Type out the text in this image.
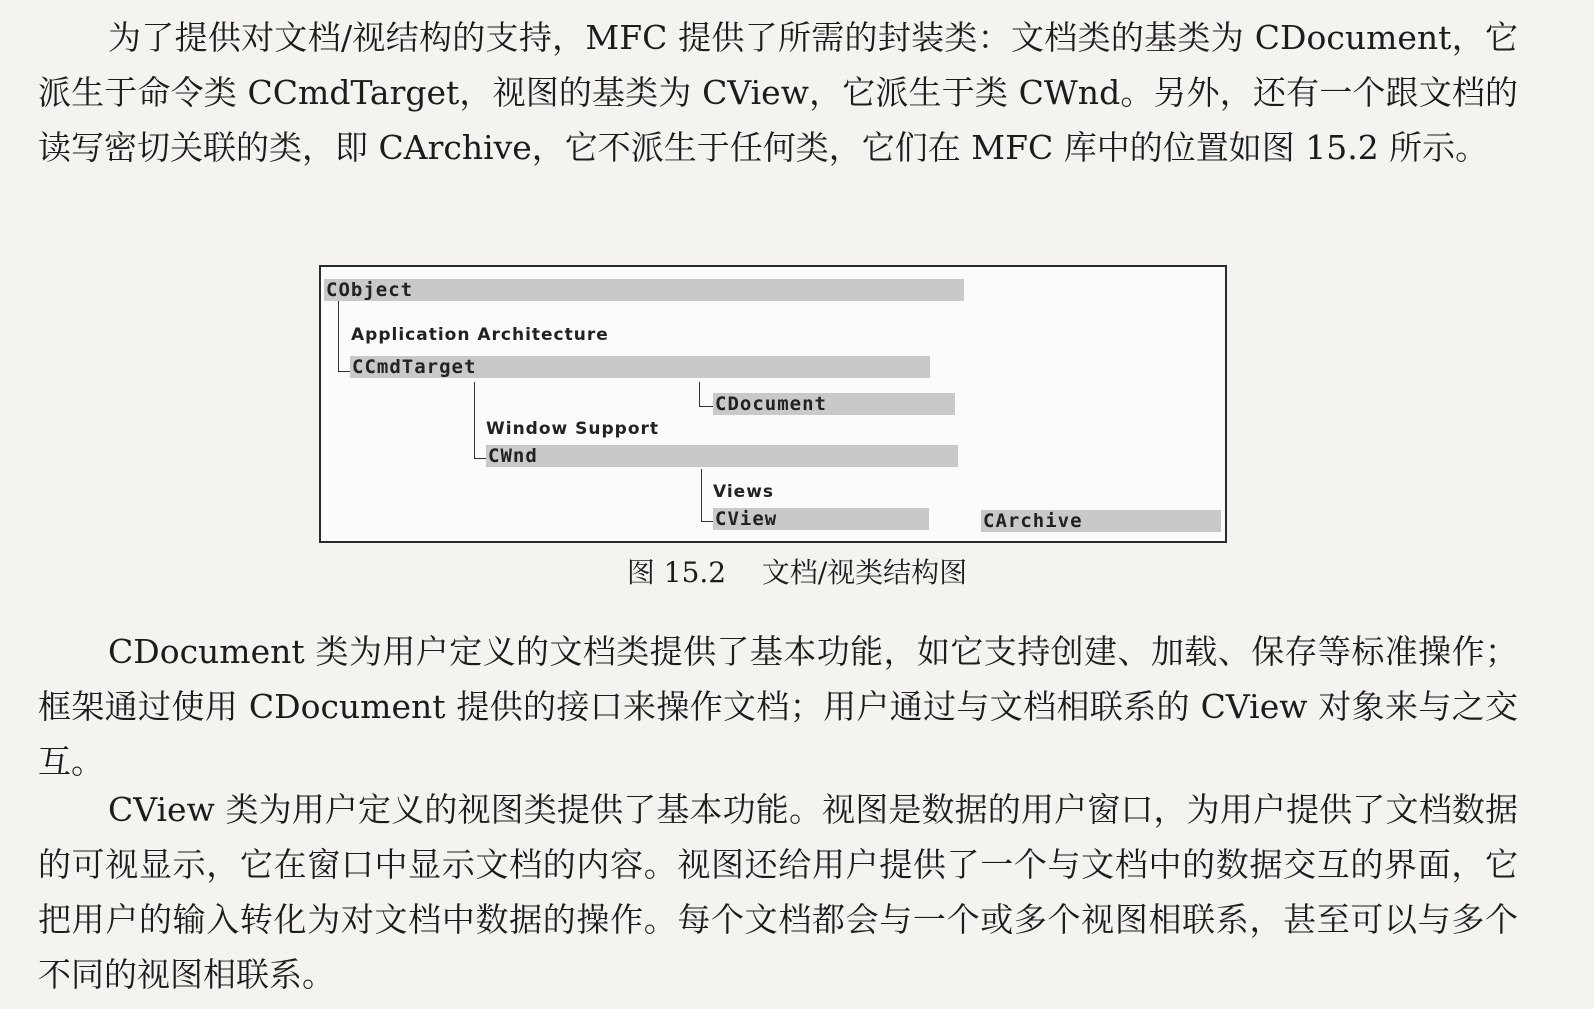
为了提供对文档/视结构的支持，MFC 提供了所需的封装类：文档类的基类为 CDocument，它派生于命令类 CCmdTarget，视图的基类为 CView，它派生于类 CWnd。另外，还有一个跟文档的读写密切关联的类，即 CArchive，它不派生于任何类，它们在 MFC 库中的位置如图 15.2 所示。

CObject
Application Architecture
CCmdTarget
CDocument
Window Support
CWnd
Views
CView	CArchive
图 15.2    文档/视类结构图

CDocument 类为用户定义的文档类提供了基本功能，如它支持创建、加载、保存等标准操作；框架通过使用 CDocument 提供的接口来操作文档；用户通过与文档相联系的 CView 对象来与之交互。

CView 类为用户定义的视图类提供了基本功能。视图是数据的用户窗口，为用户提供了文档数据的可视显示，它在窗口中显示文档的内容。视图还给用户提供了一个与文档中的数据交互的界面，它把用户的输入转化为对文档中数据的操作。每个文档都会与一个或多个视图相联系，甚至可以与多个不同的视图相联系。
